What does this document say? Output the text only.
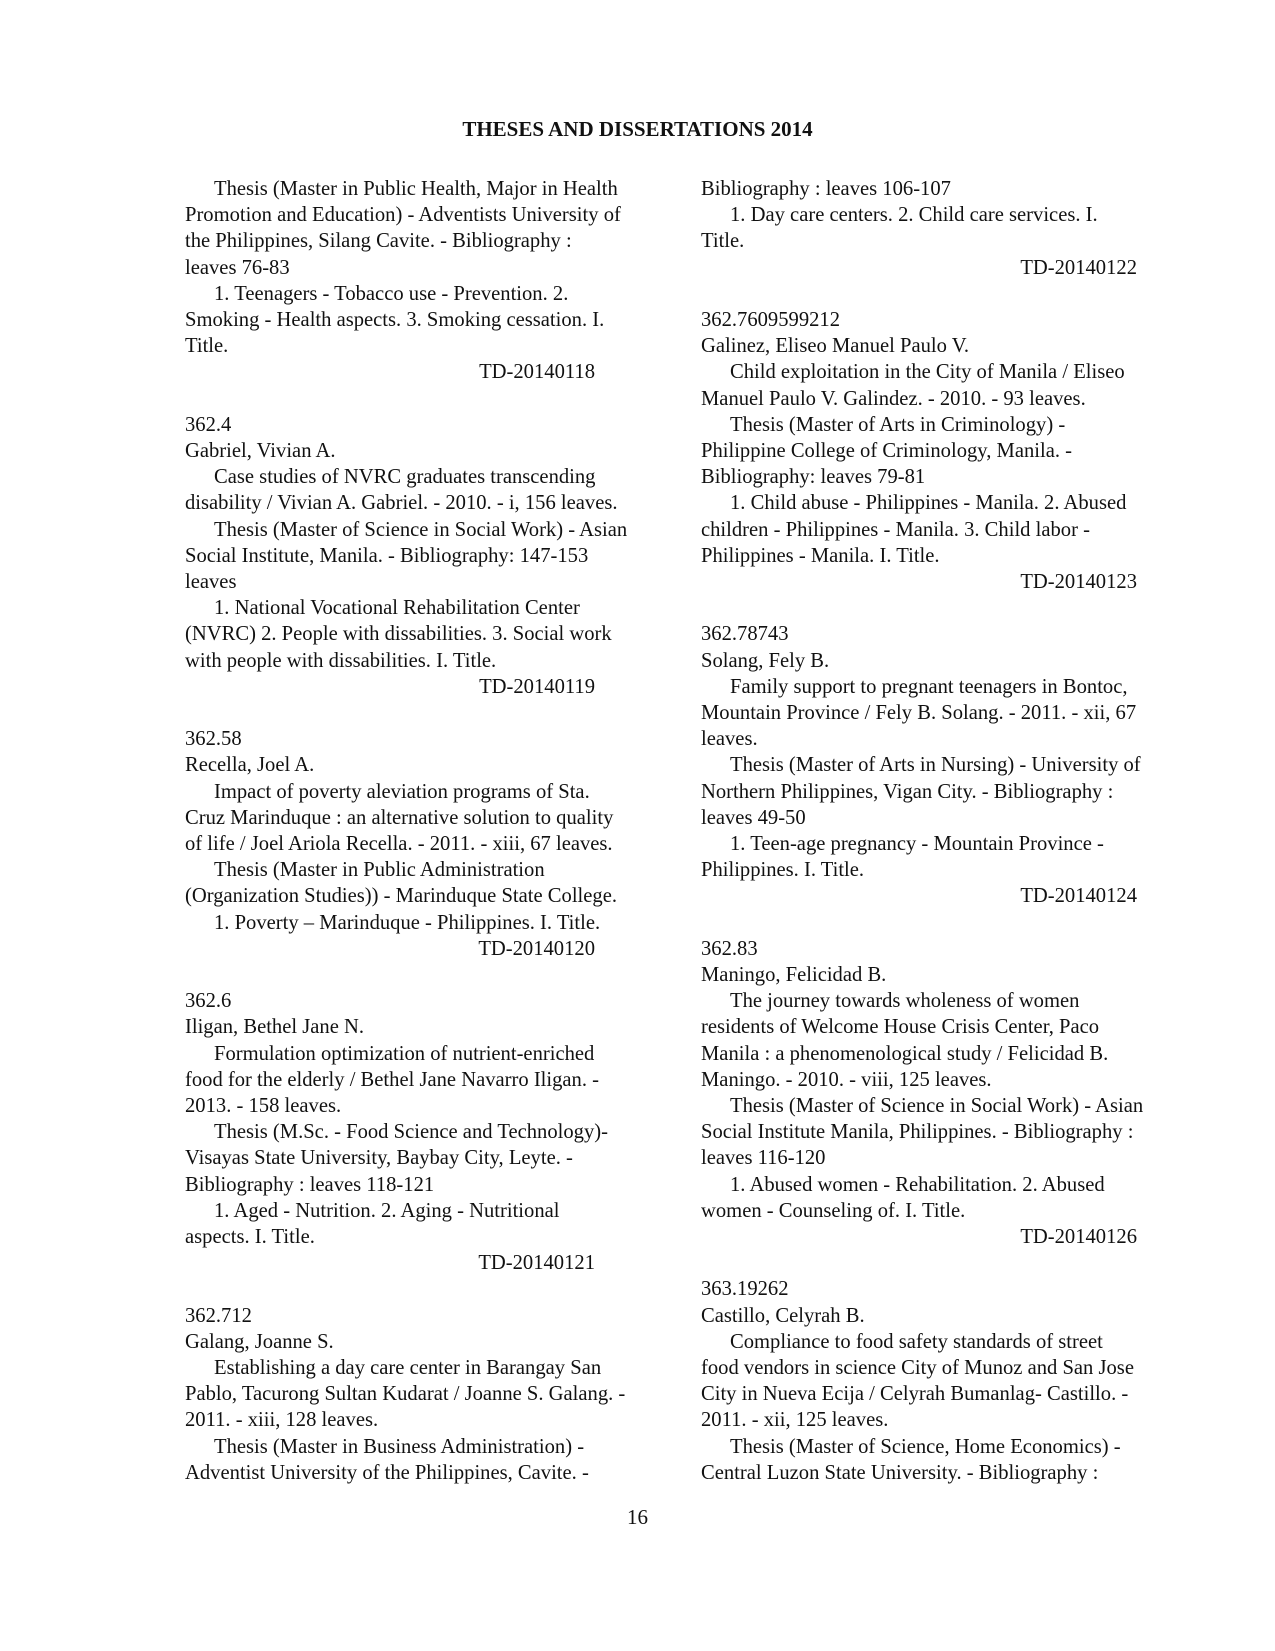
THESES AND DISSERTATIONS 2014
Thesis (Master in Public Health, Major in Health
Promotion and Education) - Adventists University of
the Philippines, Silang Cavite. - Bibliography :
leaves 76-83
1. Teenagers - Tobacco use - Prevention. 2.
Smoking - Health aspects. 3. Smoking cessation. I.
Title.
TD-20140118
362.4
Gabriel, Vivian A.
Case studies of NVRC graduates transcending
disability / Vivian A. Gabriel. - 2010. - i, 156 leaves.
Thesis (Master of Science in Social Work) - Asian
Social Institute, Manila. - Bibliography: 147-153
leaves
1. National Vocational Rehabilitation Center
(NVRC) 2. People with dissabilities. 3. Social work
with people with dissabilities. I. Title.
TD-20140119
362.58
Recella, Joel A.
Impact of poverty aleviation programs of Sta.
Cruz Marinduque : an alternative solution to quality
of life / Joel Ariola Recella. - 2011. - xiii, 67 leaves.
Thesis (Master in Public Administration
(Organization Studies)) - Marinduque State College.
1. Poverty – Marinduque - Philippines. I. Title.
TD-20140120
362.6
Iligan, Bethel Jane N.
Formulation optimization of nutrient-enriched
food for the elderly / Bethel Jane Navarro Iligan. -
2013. - 158 leaves.
Thesis (M.Sc. - Food Science and Technology)-
Visayas State University, Baybay City, Leyte. -
Bibliography : leaves 118-121
1. Aged - Nutrition. 2. Aging - Nutritional
aspects. I. Title.
TD-20140121
362.712
Galang, Joanne S.
Establishing a day care center in Barangay San
Pablo, Tacurong Sultan Kudarat / Joanne S. Galang. -
2011. - xiii, 128 leaves.
Thesis (Master in Business Administration) -
Adventist University of the Philippines, Cavite. -
Bibliography : leaves 106-107
1. Day care centers. 2. Child care services. I.
Title.
TD-20140122
362.7609599212
Galinez, Eliseo Manuel Paulo V.
Child exploitation in the City of Manila / Eliseo
Manuel Paulo V. Galindez. - 2010. - 93 leaves.
Thesis (Master of Arts in Criminology) -
Philippine College of Criminology, Manila. -
Bibliography: leaves 79-81
1. Child abuse - Philippines - Manila. 2. Abused
children - Philippines - Manila. 3. Child labor -
Philippines - Manila. I. Title.
TD-20140123
362.78743
Solang, Fely B.
Family support to pregnant teenagers in Bontoc,
Mountain Province / Fely B. Solang. - 2011. - xii, 67
leaves.
Thesis (Master of Arts in Nursing) - University of
Northern Philippines, Vigan City. - Bibliography :
leaves 49-50
1. Teen-age pregnancy - Mountain Province -
Philippines. I. Title.
TD-20140124
362.83
Maningo, Felicidad B.
The journey towards wholeness of women
residents of Welcome House Crisis Center, Paco
Manila : a phenomenological study / Felicidad B.
Maningo. - 2010. - viii, 125 leaves.
Thesis (Master of Science in Social Work) - Asian
Social Institute Manila, Philippines. - Bibliography :
leaves 116-120
1. Abused women - Rehabilitation. 2. Abused
women - Counseling of. I. Title.
TD-20140126
363.19262
Castillo, Celyrah B.
Compliance to food safety standards of street
food vendors in science City of Munoz and San Jose
City in Nueva Ecija / Celyrah Bumanlag- Castillo. -
2011. - xii, 125 leaves.
Thesis (Master of Science, Home Economics) -
Central Luzon State University. - Bibliography :
16
